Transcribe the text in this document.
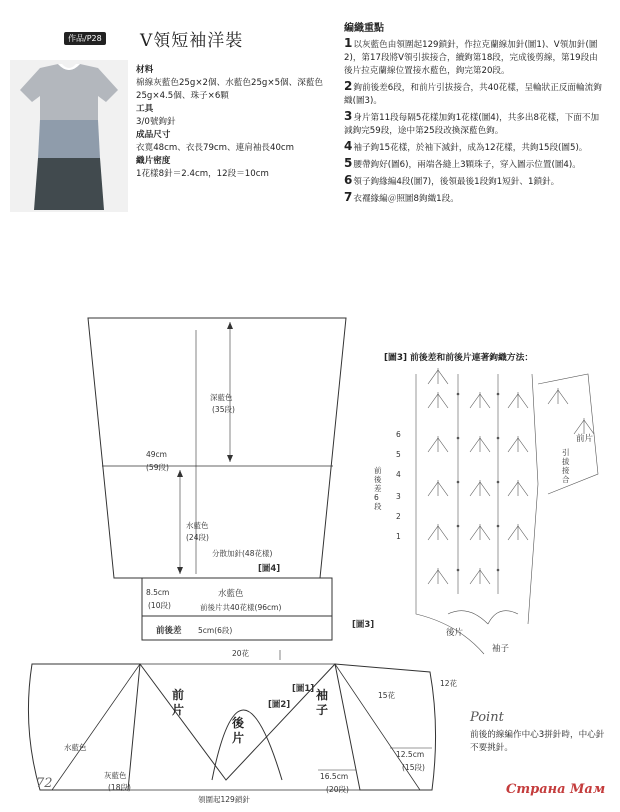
作品/P28 V領短袖洋裝
材料
棉線灰藍色25g×2個、水藍色25g×5個、深藍色25g×4.5個、珠子×6顆
工具
3/0號鉤針
成品尺寸
衣寬48cm、衣長79cm、連肩袖長40cm
織片密度
1花樣8針＝2.4cm，12段＝10cm
編織重點
1以灰藍色由領圍起129鎖針，作拉克蘭線加針(圖1)、V領加針(圖2)，第17段將V領引拔接合，續鉤第18段，完成後剪線，第19段由後片拉克蘭線位置接水藍色，鉤完第20段。
2鉤前後差6段，和前片引拔接合，共40花樣，呈輪狀正反面輪流鉤織(圖3)。
3身片第11段每隔5花樣加鉤1花樣(圖4)，共多出8花樣，下面不加減鉤完59段，途中第25段改換深藍色鉤。
4袖子鉤15花樣，於袖下減針，成為12花樣，共鉤15段(圖5)。
5腰帶鉤好(圖6)，兩端各縫上3顆珠子，穿入圖示位置(圖4)。
6領子鉤緣編4段(圖7)，後領最後1段鉤1短針、1鎖針。
7衣襬緣編＠照圖8鉤織1段。
深藍色
(35段)
49cm
(59段)
水藍色
(24段)
分散加針(48花樣)
[圖4]
8.5cm
(10段)
水藍色
前後片共40花樣(96cm)
前後差 5cm(6段)
[圖3]
20花
前
片
後
片
袖
子
[圖1]
[圖2]
15花
12花
12.5cm
(15段)
16.5cm
(20段)
領圍起129鎖針
水藍色
灰藍色
(18段)
[圖3] 前後差和前後片連著鉤織方法：
6
5
4
3
2
1
前後差6段
引拔接合
前片
後片
袖子
Point
前後的線編作中心3拼針時，中心針不要挑針。
72	Страна Мам
